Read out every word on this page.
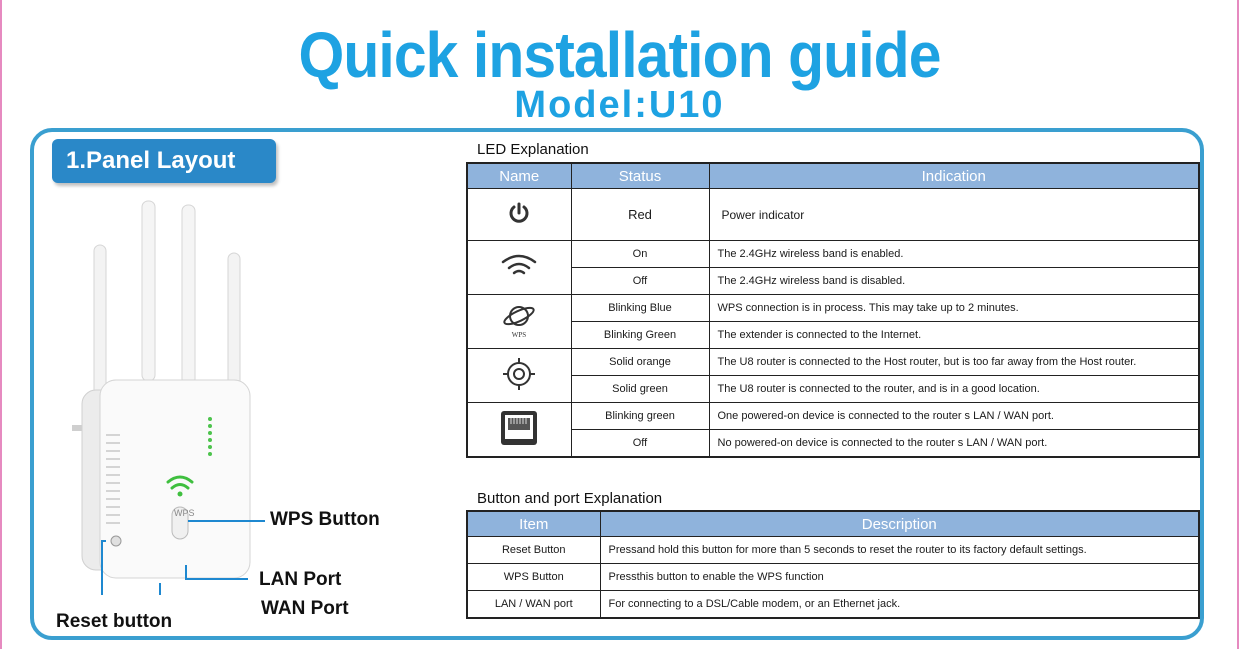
Quick installation guide
Model:U10
1.Panel Layout
WPS	WPS Button
LAN Port
WAN Port
Reset button
LED Explanation
Name	Status	Indication
	Red	Power indicator
	On	The 2.4GHz wireless band is enabled.
	Off	The 2.4GHz wireless band is disabled.

WPS	Blinking Blue	WPS connection is in process. This may take up to 2 minutes.
	Blinking Green	The extender is connected to the Internet.
	Solid orange	The U8 router is connected to the Host router, but is too far away from the Host router.
	Solid green	The U8 router is connected to the router, and is in a good location.
	Blinking green	One powered-on device is connected to the router s LAN / WAN port.
	Off	No powered-on device is connected to the router s LAN / WAN port.
Button and port Explanation
Item	Description
Reset Button	Pressand hold this button for more than 5 seconds to reset the router to its factory default settings.
WPS Button	Pressthis button to enable the WPS function
LAN / WAN port	For connecting to a DSL/Cable modem, or an Ethernet jack.
